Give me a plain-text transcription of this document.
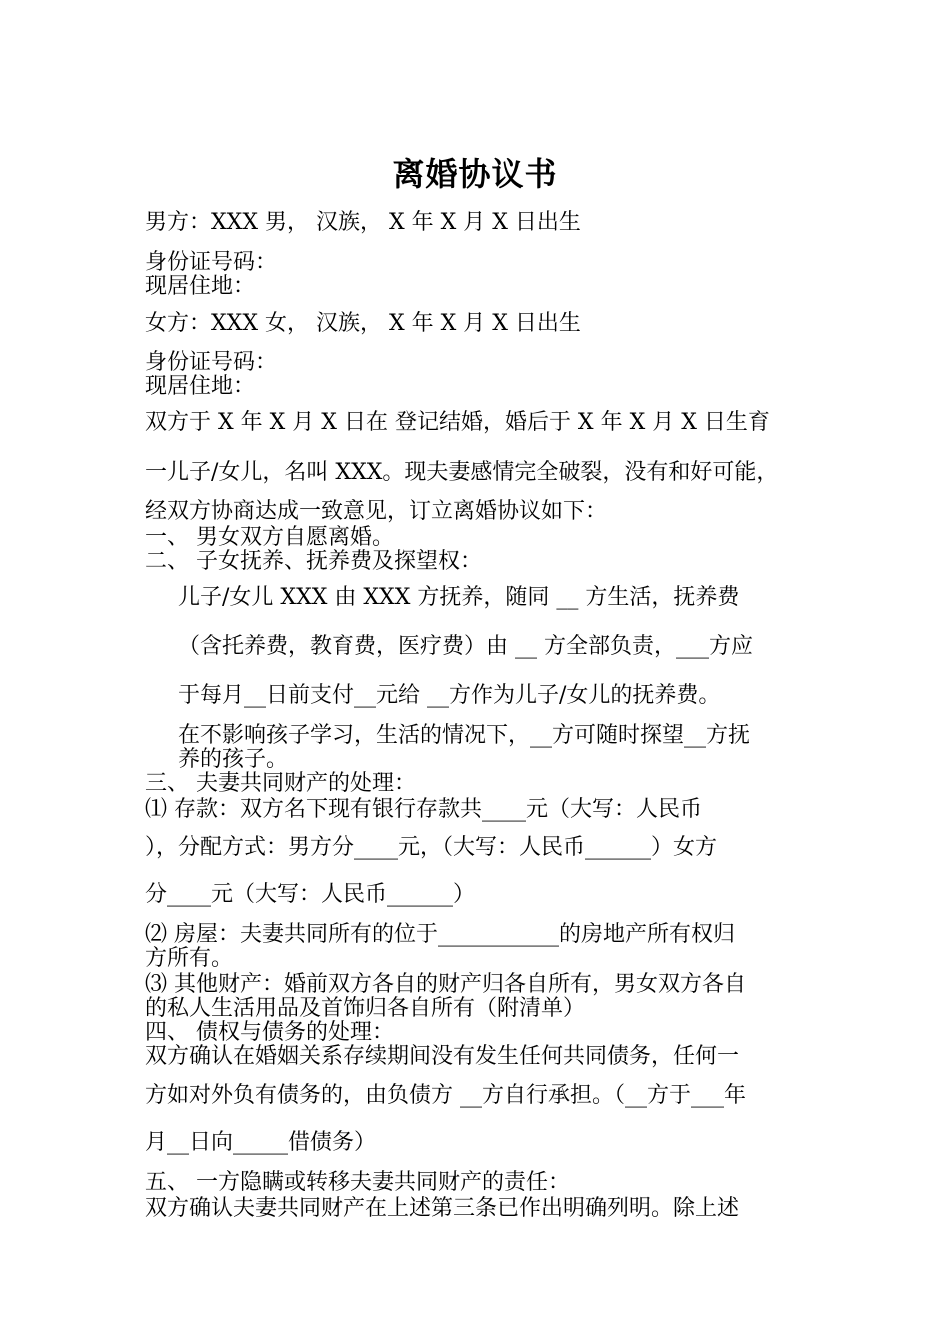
离婚协议书
男方：XXX 男， 汉族， X 年 X 月 X 日出生
身份证号码：
现居住地：
女方：XXX 女， 汉族， X 年 X 月 X 日出生
身份证号码：
现居住地：
双方于 X 年 X 月 X 日在 登记结婚，婚后于 X 年 X 月 X 日生育
一儿子/女儿，名叫 XXX。现夫妻感情完全破裂，没有和好可能，
经双方协商达成一致意见，订立离婚协议如下：
一、 男女双方自愿离婚。
二、 子女抚养、抚养费及探望权：
儿子/女儿 XXX 由 XXX 方抚养，随同 __ 方生活，抚养费
（含托养费，教育费，医疗费）由 __ 方全部负责，___方应
于每月__日前支付__元给 __方作为儿子/女儿的抚养费。
在不影响孩子学习，生活的情况下，__方可随时探望__方抚
养的孩子。
三、 夫妻共同财产的处理：
⑴ 存款：双方名下现有银行存款共____元（大写：人民币
），分配方式：男方分____元，（大写：人民币______）女方
分____元（大写：人民币______）
⑵ 房屋：夫妻共同所有的位于___________的房地产所有权归
方所有。
⑶ 其他财产：婚前双方各自的财产归各自所有，男女双方各自
的私人生活用品及首饰归各自所有（附清单）
四、 债权与债务的处理：
双方确认在婚姻关系存续期间没有发生任何共同债务，任何一
方如对外负有债务的，由负债方 __方自行承担。（__方于___年
月__日向_____借债务）
五、 一方隐瞒或转移夫妻共同财产的责任：
双方确认夫妻共同财产在上述第三条已作出明确列明。除上述
